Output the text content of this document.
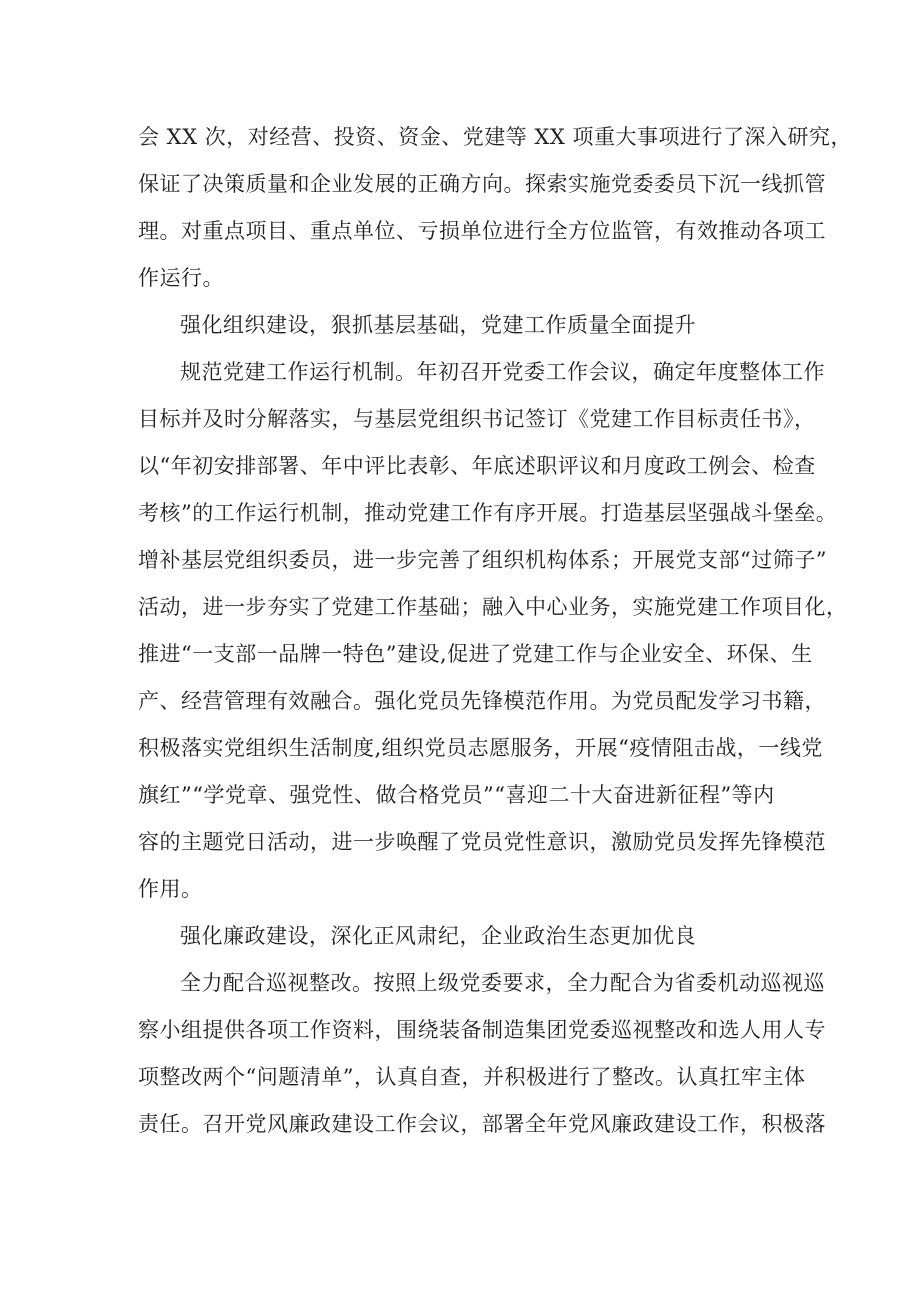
会 XX 次，对经营、投资、资金、党建等 XX 项重大事项进行了深入研究，
保证了决策质量和企业发展的正确方向。探索实施党委委员下沉一线抓管
理。对重点项目、重点单位、亏损单位进行全方位监管，有效推动各项工
作运行。
强化组织建设，狠抓基层基础，党建工作质量全面提升
规范党建工作运行机制。年初召开党委工作会议，确定年度整体工作
目标并及时分解落实，与基层党组织书记签订《党建工作目标责任书》，
以“年初安排部署、年中评比表彰、年底述职评议和月度政工例会、检查
考核”的工作运行机制，推动党建工作有序开展。打造基层坚强战斗堡垒。
增补基层党组织委员，进一步完善了组织机构体系；开展党支部“过筛子”
活动，进一步夯实了党建工作基础；融入中心业务，实施党建工作项目化，
推进“一支部一品牌一特色”建设,促进了党建工作与企业安全、环保、生
产、经营管理有效融合。强化党员先锋模范作用。为党员配发学习书籍，
积极落实党组织生活制度,组织党员志愿服务，开展“疫情阻击战，一线党
旗红”“学党章、强党性、做合格党员”“喜迎二十大奋进新征程”等内
容的主题党日活动，进一步唤醒了党员党性意识，激励党员发挥先锋模范
作用。
强化廉政建设，深化正风肃纪，企业政治生态更加优良
全力配合巡视整改。按照上级党委要求，全力配合为省委机动巡视巡
察小组提供各项工作资料，围绕装备制造集团党委巡视整改和选人用人专
项整改两个“问题清单”，认真自查，并积极进行了整改。认真扛牢主体
责任。召开党风廉政建设工作会议，部署全年党风廉政建设工作，积极落
